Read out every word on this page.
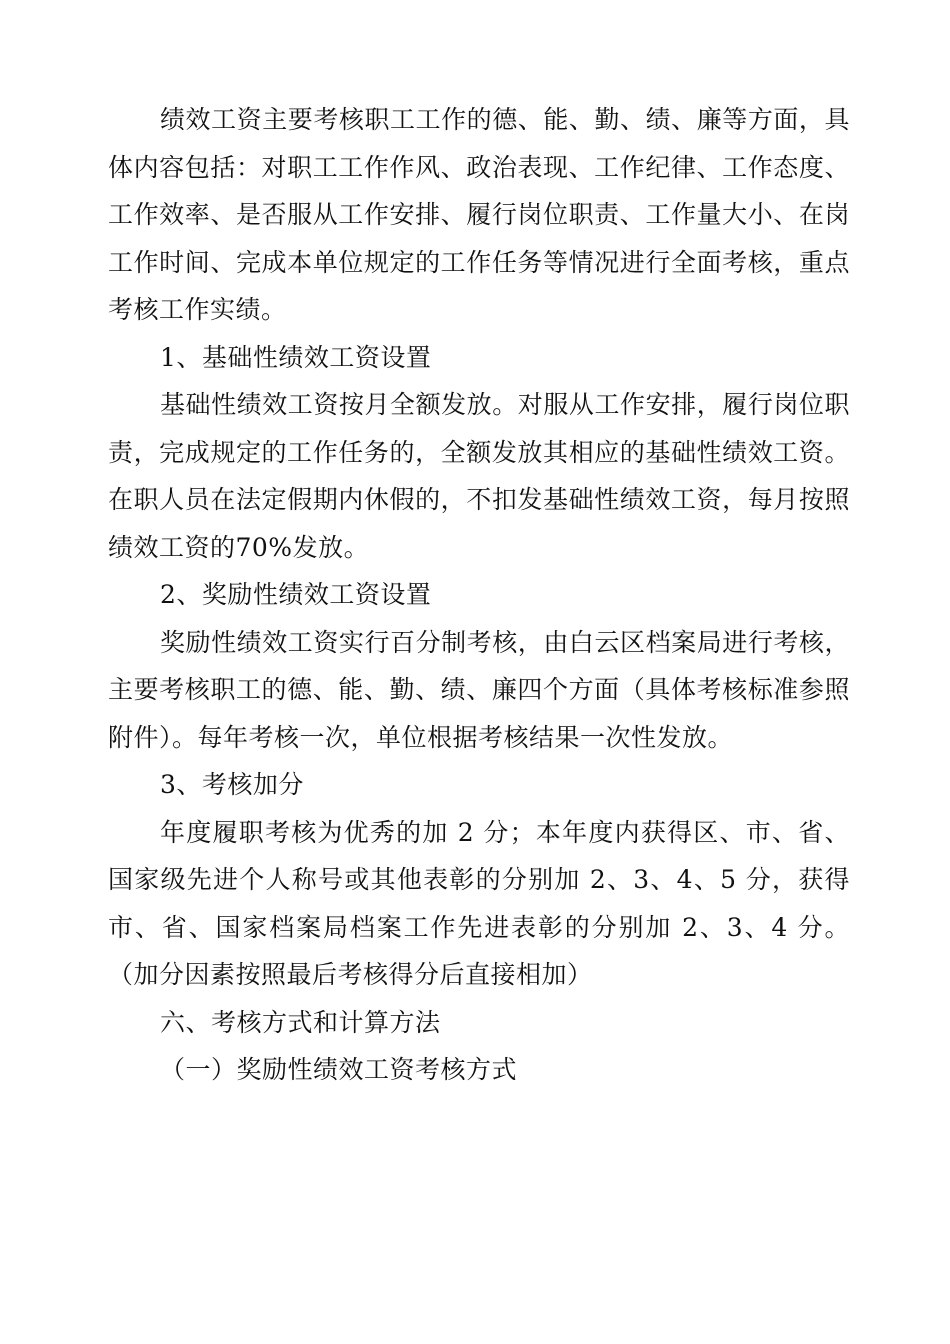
绩效工资主要考核职工工作的德、能、勤、绩、廉等方面，具体内容包括：对职工工作作风、政治表现、工作纪律、工作态度、工作效率、是否服从工作安排、履行岗位职责、工作量大小、在岗工作时间、完成本单位规定的工作任务等情况进行全面考核，重点考核工作实绩。

1、基础性绩效工资设置

基础性绩效工资按月全额发放。对服从工作安排，履行岗位职责，完成规定的工作任务的，全额发放其相应的基础性绩效工资。在职人员在法定假期内休假的，不扣发基础性绩效工资，每月按照绩效工资的70%发放。

2、奖励性绩效工资设置

奖励性绩效工资实行百分制考核，由白云区档案局进行考核，主要考核职工的德、能、勤、绩、廉四个方面（具体考核标准参照附件）。每年考核一次，单位根据考核结果一次性发放。

3、考核加分

年度履职考核为优秀的加 2 分；本年度内获得区、市、省、国家级先进个人称号或其他表彰的分别加 2、3、4、5 分，获得市、省、国家档案局档案工作先进表彰的分别加 2、3、4 分。（加分因素按照最后考核得分后直接相加）

六、考核方式和计算方法

（一）奖励性绩效工资考核方式
